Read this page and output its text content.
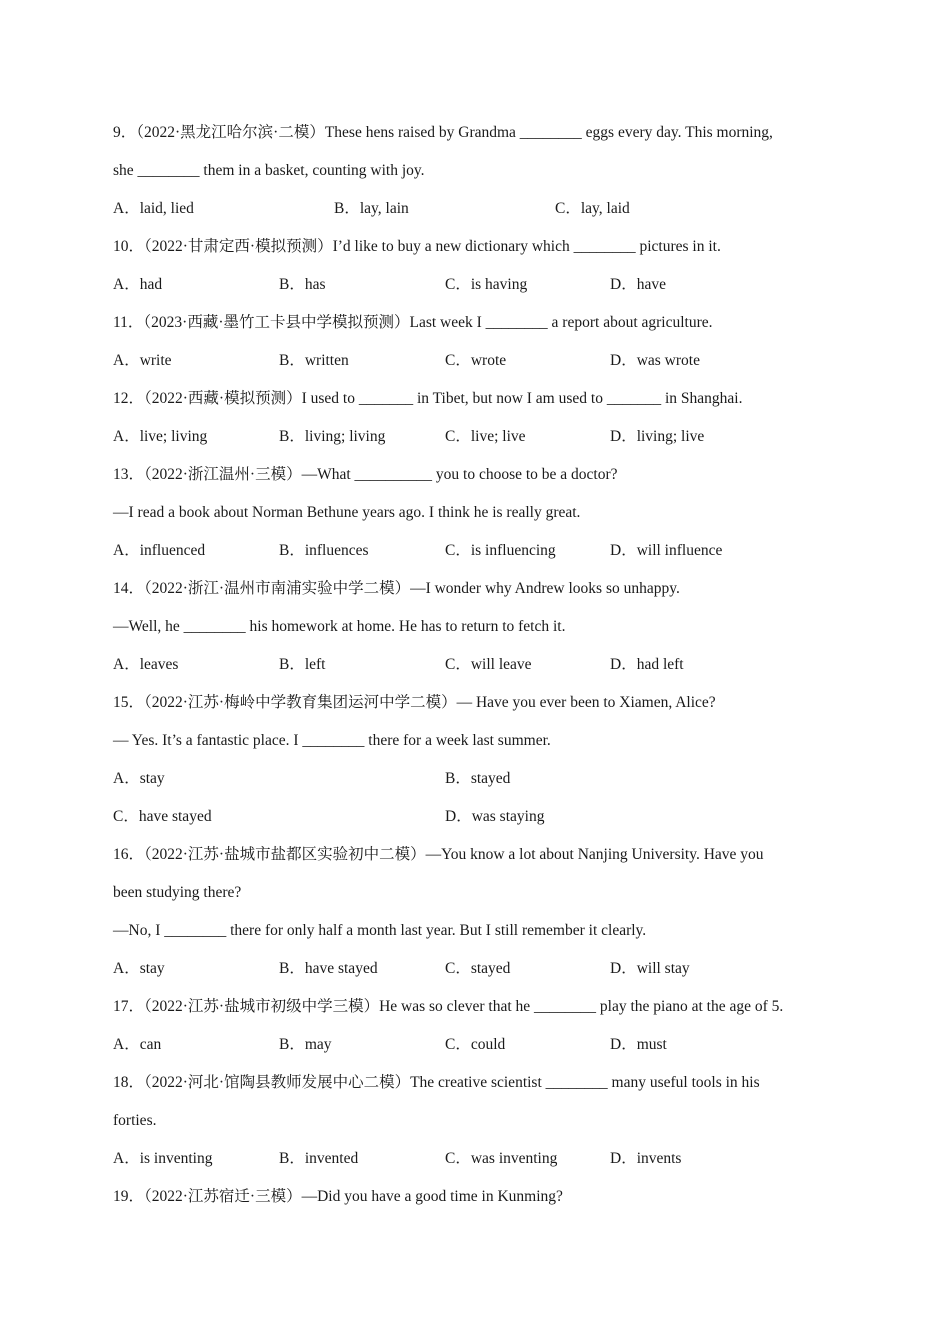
9．（2022·黑龙江哈尔滨·二模）These hens raised by Grandma ________ eggs every day. This morning,
she ________ them in a basket, counting with joy.
A．laid, lied	B．lay, lain	C．lay, laid
10．（2022·甘肃定西·模拟预测）I’d like to buy a new dictionary which ________ pictures in it.
A．had	B．has	C．is having	D．have
11．（2023·西藏·墨竹工卡县中学模拟预测）Last week I ________ a report about agriculture.
A．write	B．written	C．wrote	D．was wrote
12．（2022·西藏·模拟预测）I used to _______ in Tibet, but now I am used to _______ in Shanghai.
A．live; living	B．living; living	C．live; live	D．living; live
13．（2022·浙江温州·三模）—What __________ you to choose to be a doctor?
—I read a book about Norman Bethune years ago. I think he is really great.
A．influenced	B．influences	C．is influencing	D．will influence
14．（2022·浙江·温州市南浦实验中学二模）—I wonder why Andrew looks so unhappy.
—Well, he ________ his homework at home. He has to return to fetch it.
A．leaves	B．left	C．will leave	D．had left
15．（2022·江苏·梅岭中学教育集团运河中学二模）— Have you ever been to Xiamen, Alice?
— Yes. It’s a fantastic place. I ________ there for a week last summer.
A．stay	B．stayed
C．have stayed	D．was staying
16．（2022·江苏·盐城市盐都区实验初中二模）—You know a lot about Nanjing University. Have you
been studying there?
—No, I ________ there for only half a month last year. But I still remember it clearly.
A．stay	B．have stayed	C．stayed	D．will stay
17．（2022·江苏·盐城市初级中学三模）He was so clever that he ________ play the piano at the age of 5.
A．can	B．may	C．could	D．must
18．（2022·河北·馆陶县教师发展中心二模）The creative scientist ________ many useful tools in his
forties.
A．is inventing	B．invented	C．was inventing	D．invents
19．（2022·江苏宿迁·三模）—Did you have a good time in Kunming?
